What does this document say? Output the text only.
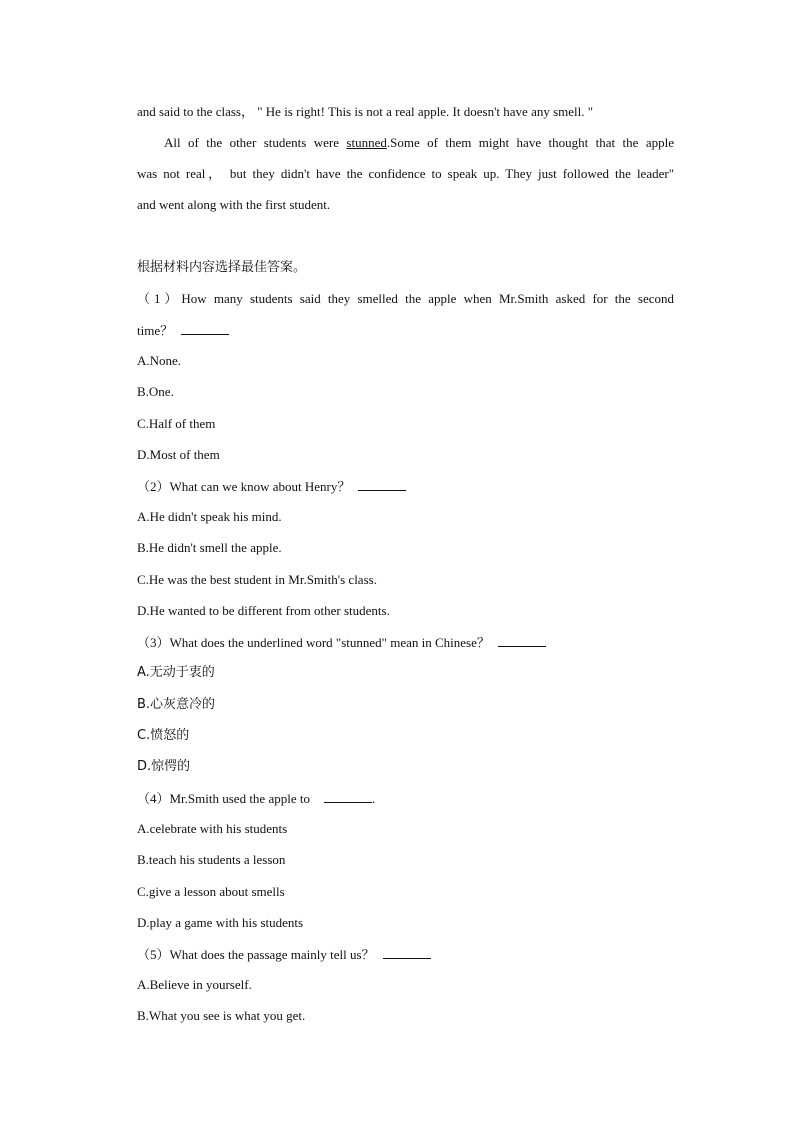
and said to the class， " He is right! This is not a real apple. It doesn't have any smell. "
All of the other students were stunned.Some of them might have thought that the apple
was not real， but they didn't have the confidence to speak up. They just followed the leader"
and went along with the first student.
根据材料内容选择最佳答案。
（1）How many students said they smelled the apple when Mr.Smith asked for the second
time？
A.None.
B.One.
C.Half of them
D.Most of them
（2）What can we know about Henry？
A.He didn't speak his mind.
B.He didn't smell the apple.
C.He was the best student in Mr.Smith's class.
D.He wanted to be different from other students.
（3）What does the underlined word "stunned" mean in Chinese？
A.无动于衷的
B.心灰意冷的
C.愤怒的
D.惊愕的
（4）Mr.Smith used the apple to	.
A.celebrate with his students
B.teach his students a lesson
C.give a lesson about smells
D.play a game with his students
（5）What does the passage mainly tell us？
A.Believe in yourself.
B.What you see is what you get.
